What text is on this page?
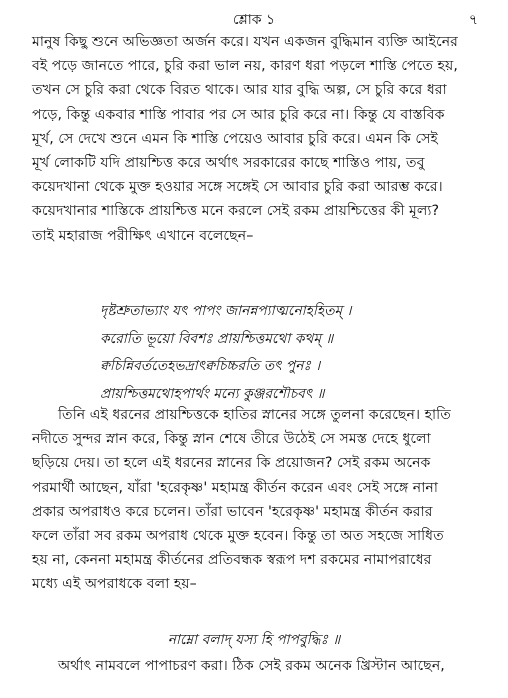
শ্লোক ১	৭
মানুষ কিছু শুনে অভিজ্ঞতা অর্জন করে। যখন একজন বুদ্ধিমান ব্যক্তি আইনের
বই পড়ে জানতে পারে, চুরি করা ভাল নয়, কারণ ধরা পড়লে শাস্তি পেতে হয়,
তখন সে চুরি করা থেকে বিরত থাকে। আর যার বুদ্ধি অল্প, সে চুরি করে ধরা
পড়ে, কিন্তু একবার শাস্তি পাবার পর সে আর চুরি করে না। কিন্তু যে বাস্তবিক
মূর্খ, সে দেখে শুনে এমন কি শাস্তি পেয়েও আবার চুরি করে। এমন কি সেই
মূর্খ লোকটি যদি প্রায়শ্চিত্ত করে অর্থাৎ সরকারের কাছে শাস্তিও পায়, তবু
কয়েদখানা থেকে মুক্ত হওয়ার সঙ্গে সঙ্গেই সে আবার চুরি করা আরম্ভ করে।
কয়েদখানার শাস্তিকে প্রায়শ্চিত্ত মনে করলে সেই রকম প্রায়শ্চিত্তের কী মূল্য?
তাই মহারাজ পরীক্ষিৎ এখানে বলেছেন–
দৃষ্টশ্রুতাভ্যাং যৎ পাপং জানন্নপ্যাত্মনোহহিতম্ ।
করোতি ভূয়ো বিবশঃ প্রায়শ্চিত্তমথো কথম্ ॥
ক্বচিন্নিবর্ততেহভদ্রাৎক্বচিচ্চরতি তৎ পুনঃ ।
প্রায়শ্চিত্তমথোহপার্থং মন্যে কুঞ্জরশৌচবৎ ॥
তিনি এই ধরনের প্রায়শ্চিত্তকে হাতির স্নানের সঙ্গে তুলনা করেছেন। হাতি
নদীতে সুন্দর স্নান করে, কিন্তু স্নান শেষে তীরে উঠেই সে সমস্ত দেহে ধুলো
ছড়িয়ে দেয়। তা হলে এই ধরনের স্নানের কি প্রয়োজন? সেই রকম অনেক
পরমার্থী আছেন, যাঁরা 'হরেকৃষ্ণ' মহামন্ত্র কীর্তন করেন এবং সেই সঙ্গে নানা
প্রকার অপরাধও করে চলেন। তাঁরা ভাবেন 'হরেকৃষ্ণ' মহামন্ত্র কীর্তন করার
ফলে তাঁরা সব রকম অপরাধ থেকে মুক্ত হবেন। কিন্তু তা অত সহজে সাধিত
হয় না, কেননা মহামন্ত্র কীর্তনের প্রতিবন্ধক স্বরূপ দশ রকমের নামাপরাধের
মধ্যে এই অপরাধকে বলা হয়–
নাম্নো বলাদ্ যস্য হি পাপবুদ্ধিঃ ॥
অর্থাৎ নামবলে পাপাচরণ করা। ঠিক সেই রকম অনেক খ্রিস্টান আছেন,
